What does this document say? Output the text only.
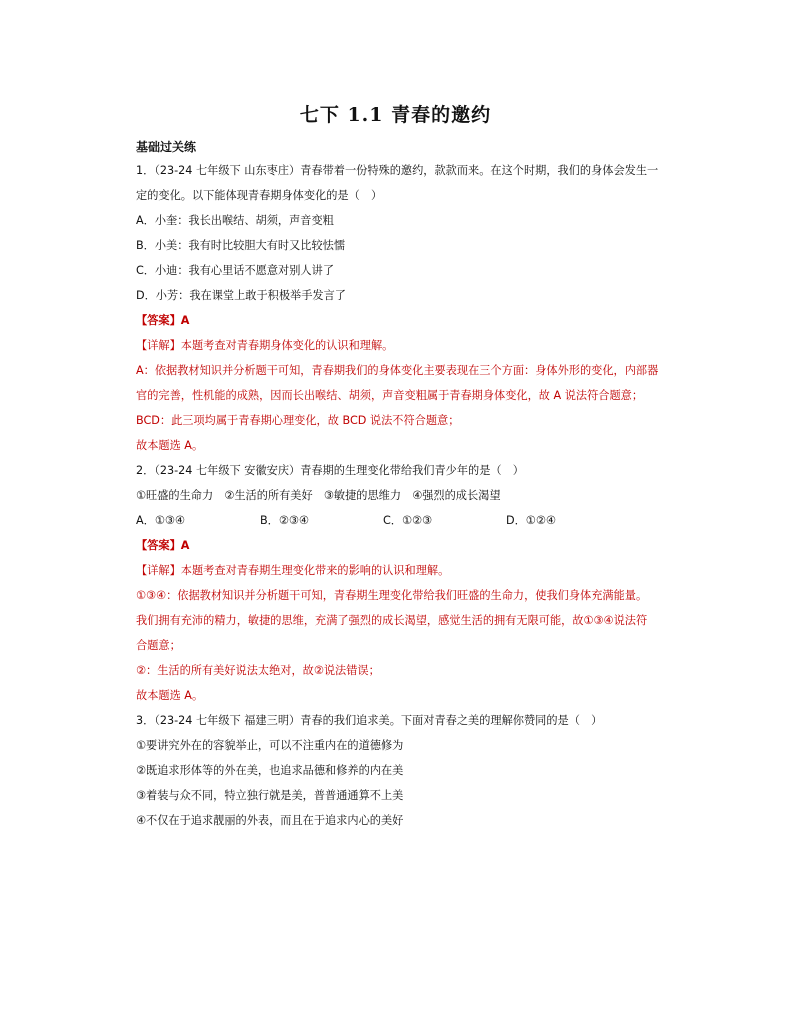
七下 1.1 青春的邀约
基础过关练
1．（23-24 七年级下 山东枣庄）青春带着一份特殊的邀约，款款而来。在这个时期，我们的身体会发生一
定的变化。以下能体现青春期身体变化的是（　）
A．小奎：我长出喉结、胡须，声音变粗
B．小美：我有时比较胆大有时又比较怯懦
C．小迪：我有心里话不愿意对别人讲了
D．小芳：我在课堂上敢于积极举手发言了
【答案】A
【详解】本题考查对青春期身体变化的认识和理解。
A：依据教材知识并分析题干可知，青春期我们的身体变化主要表现在三个方面：身体外形的变化，内部器
官的完善，性机能的成熟，因而长出喉结、胡须，声音变粗属于青春期身体变化，故 A 说法符合题意；
BCD：此三项均属于青春期心理变化，故 BCD 说法不符合题意；
故本题选 A。
2．（23-24 七年级下 安徽安庆）青春期的生理变化带给我们青少年的是（　）
①旺盛的生命力　②生活的所有美好　③敏捷的思维力　④强烈的成长渴望
A．①③④	B．②③④	C．①②③	D．①②④
【答案】A
【详解】本题考查对青春期生理变化带来的影响的认识和理解。
①③④：依据教材知识并分析题干可知，青春期生理变化带给我们旺盛的生命力，使我们身体充满能量。
我们拥有充沛的精力，敏捷的思维，充满了强烈的成长渴望，感觉生活的拥有无限可能，故①③④说法符
合题意；
②：生活的所有美好说法太绝对，故②说法错误；
故本题选 A。
3．（23-24 七年级下 福建三明）青春的我们追求美。下面对青春之美的理解你赞同的是（　）
①要讲究外在的容貌举止，可以不注重内在的道德修为
②既追求形体等的外在美，也追求品德和修养的内在美
③着装与众不同，特立独行就是美，普普通通算不上美
④不仅在于追求靓丽的外表，而且在于追求内心的美好
